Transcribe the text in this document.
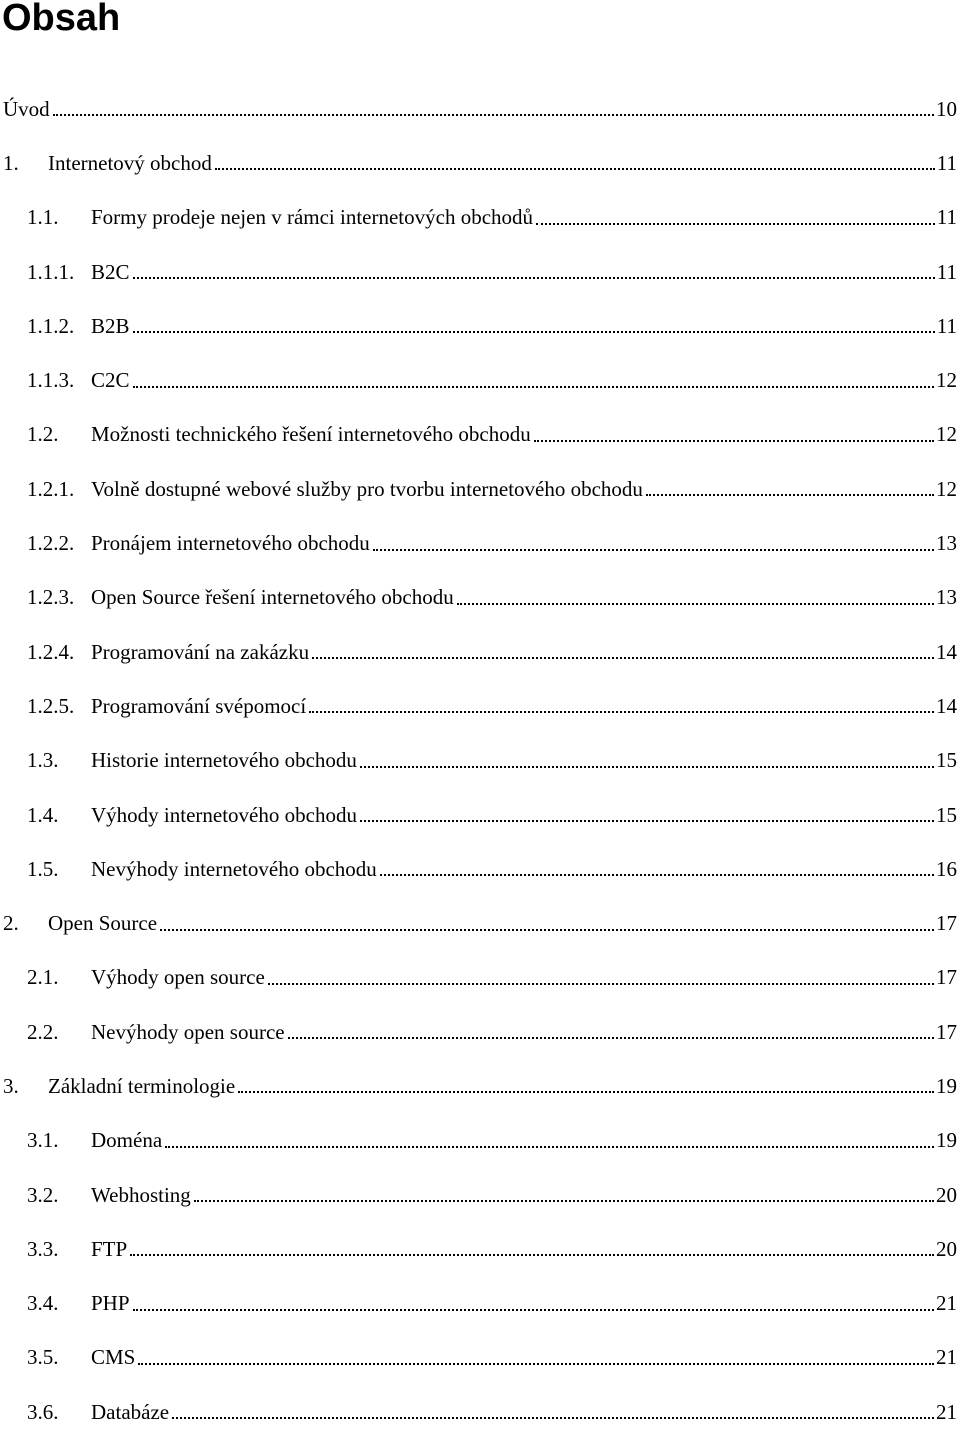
Obsah
Úvod	10
1.	Internetový obchod	11
1.1.	Formy prodeje nejen v rámci internetových obchodů	11
1.1.1. B2C	11
1.1.2. B2B	11
1.1.3. C2C	12
1.2.	Možnosti technického řešení internetového obchodu	12
1.2.1. Volně dostupné webové služby pro tvorbu internetového obchodu	12
1.2.2. Pronájem internetového obchodu	13
1.2.3. Open Source řešení internetového obchodu	13
1.2.4. Programování na zakázku	14
1.2.5. Programování svépomocí	14
1.3.	Historie internetového obchodu	15
1.4.	Výhody internetového obchodu	15
1.5.	Nevýhody internetového obchodu	16
2.	Open Source	17
2.1.	Výhody open source	17
2.2.	Nevýhody open source	17
3.	Základní terminologie	19
3.1.	Doména	19
3.2.	Webhosting	20
3.3.	FTP	20
3.4.	PHP	21
3.5.	CMS	21
3.6.	Databáze	21
